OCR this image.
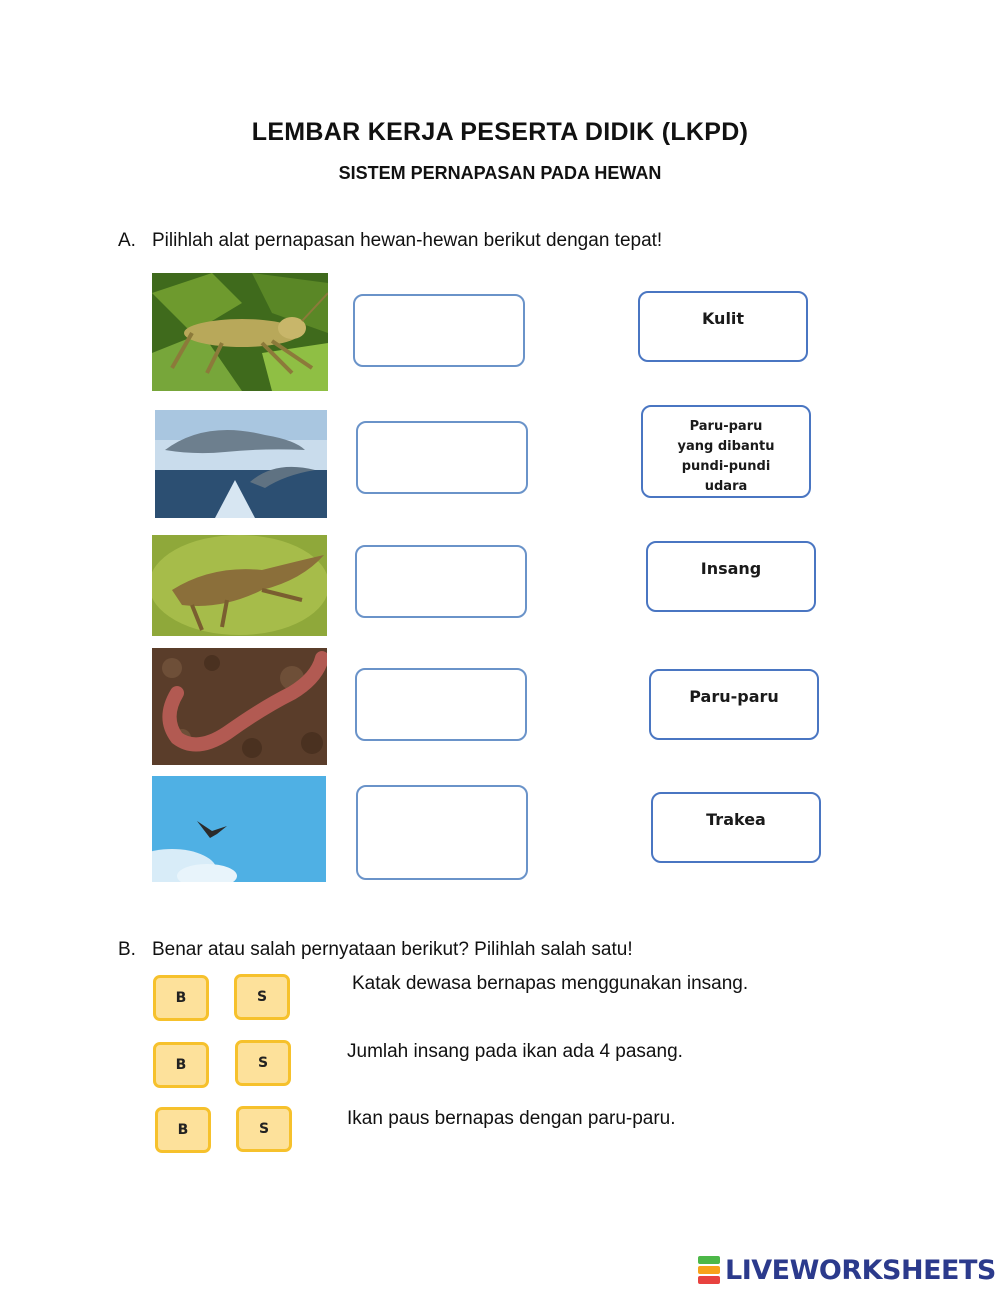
LEMBAR KERJA PESERTA DIDIK (LKPD)
SISTEM PERNAPASAN PADA HEWAN
A. Pilihlah alat pernapasan hewan-hewan berikut dengan tepat!
Kulit
Paru-paru yang dibantu pundi-pundi udara
Insang
Paru-paru
Trakea
B. Benar atau salah pernyataan berikut? Pilihlah salah satu!
B	S
Katak dewasa bernapas menggunakan insang.
B	S
Jumlah insang pada ikan ada 4 pasang.
B	S	Ikan paus bernapas dengan paru-paru.
LIVEWORKSHEETS
